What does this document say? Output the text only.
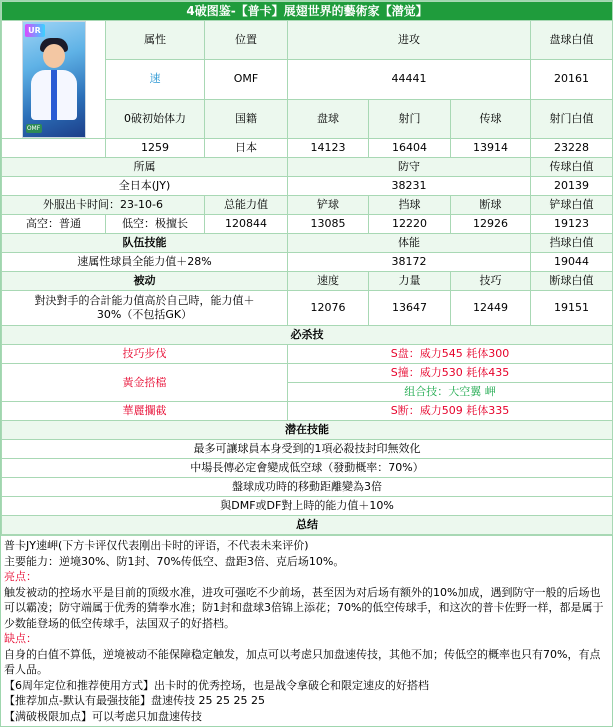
4破图鉴-【普卡】展翅世界的藝術家【潜觉】						

UR
OMF	属性	位置	进攻			盘球白值
	速	OMF	44441			20161
	0破初始体力	国籍	盘球	射门	传球	射门白值
	1259	日本	14123	16404	13914	23228
所属			防守			传球白值
全日本(JY)			38231			20139
外服出卡时间：23-10-6		总能力值	铲球	挡球	断球	铲球白值
高空：普通	低空：极擅长	120844	13085	12220	12926	19123
队伍技能			体能			挡球白值
速属性球員全能力值＋28%			38172			19044
被动			速度	力量	技巧	断球白值

對決對手的合計能力值高於自己時，能力值＋
30%（不包括GK）			12076	13647	12449	19151
必杀技						
技巧步伐			S盘：威力545 耗体300			
黃金搭檔			S撞：威力530 耗体435			
			组合技：大空翼 岬			
華麗攔截			S断：威力509 耗体335			
潜在技能						
最多可讓球員本身受到的1項必殺技封印無效化						
中場長傳必定會變成低空球（發動概率：70%）						
盤球成功時的移動距離變為3倍						
與DMF或DF對上時的能力值＋10%						
总结						

普卡JY速岬(下方卡评仅代表刚出卡时的评语，不代表未来评价)

主要能力：逆境30%、防1封、70%传低空、盘距3倍、克后场10%。

亮点：

触发被动的控场水平是目前的顶级水准，进攻可强吃不少前场，甚至因为对后场有额外的10%加成，遇到防守一般的后场也可以霸凌；防守端属于优秀的猜拳水准；防1封和盘球3倍锦上添花；70%的低空传球手，和这次的普卡佐野一样，都是属于少数能登场的低空传球手，法国双子的好搭档。

缺点：

自身的白值不算低，逆境被动不能保障稳定触发，加点可以考虑只加盘速传技，其他不加；传低空的概率也只有70%，有点看人品。

【6周年定位和推荐使用方式】出卡时的优秀控场，也是战令拿破仑和限定速皮的好搭档

【推荐加点-默认有最强技能】盘速传技 25 25 25 25

【满破极限加点】可以考虑只加盘速传技
